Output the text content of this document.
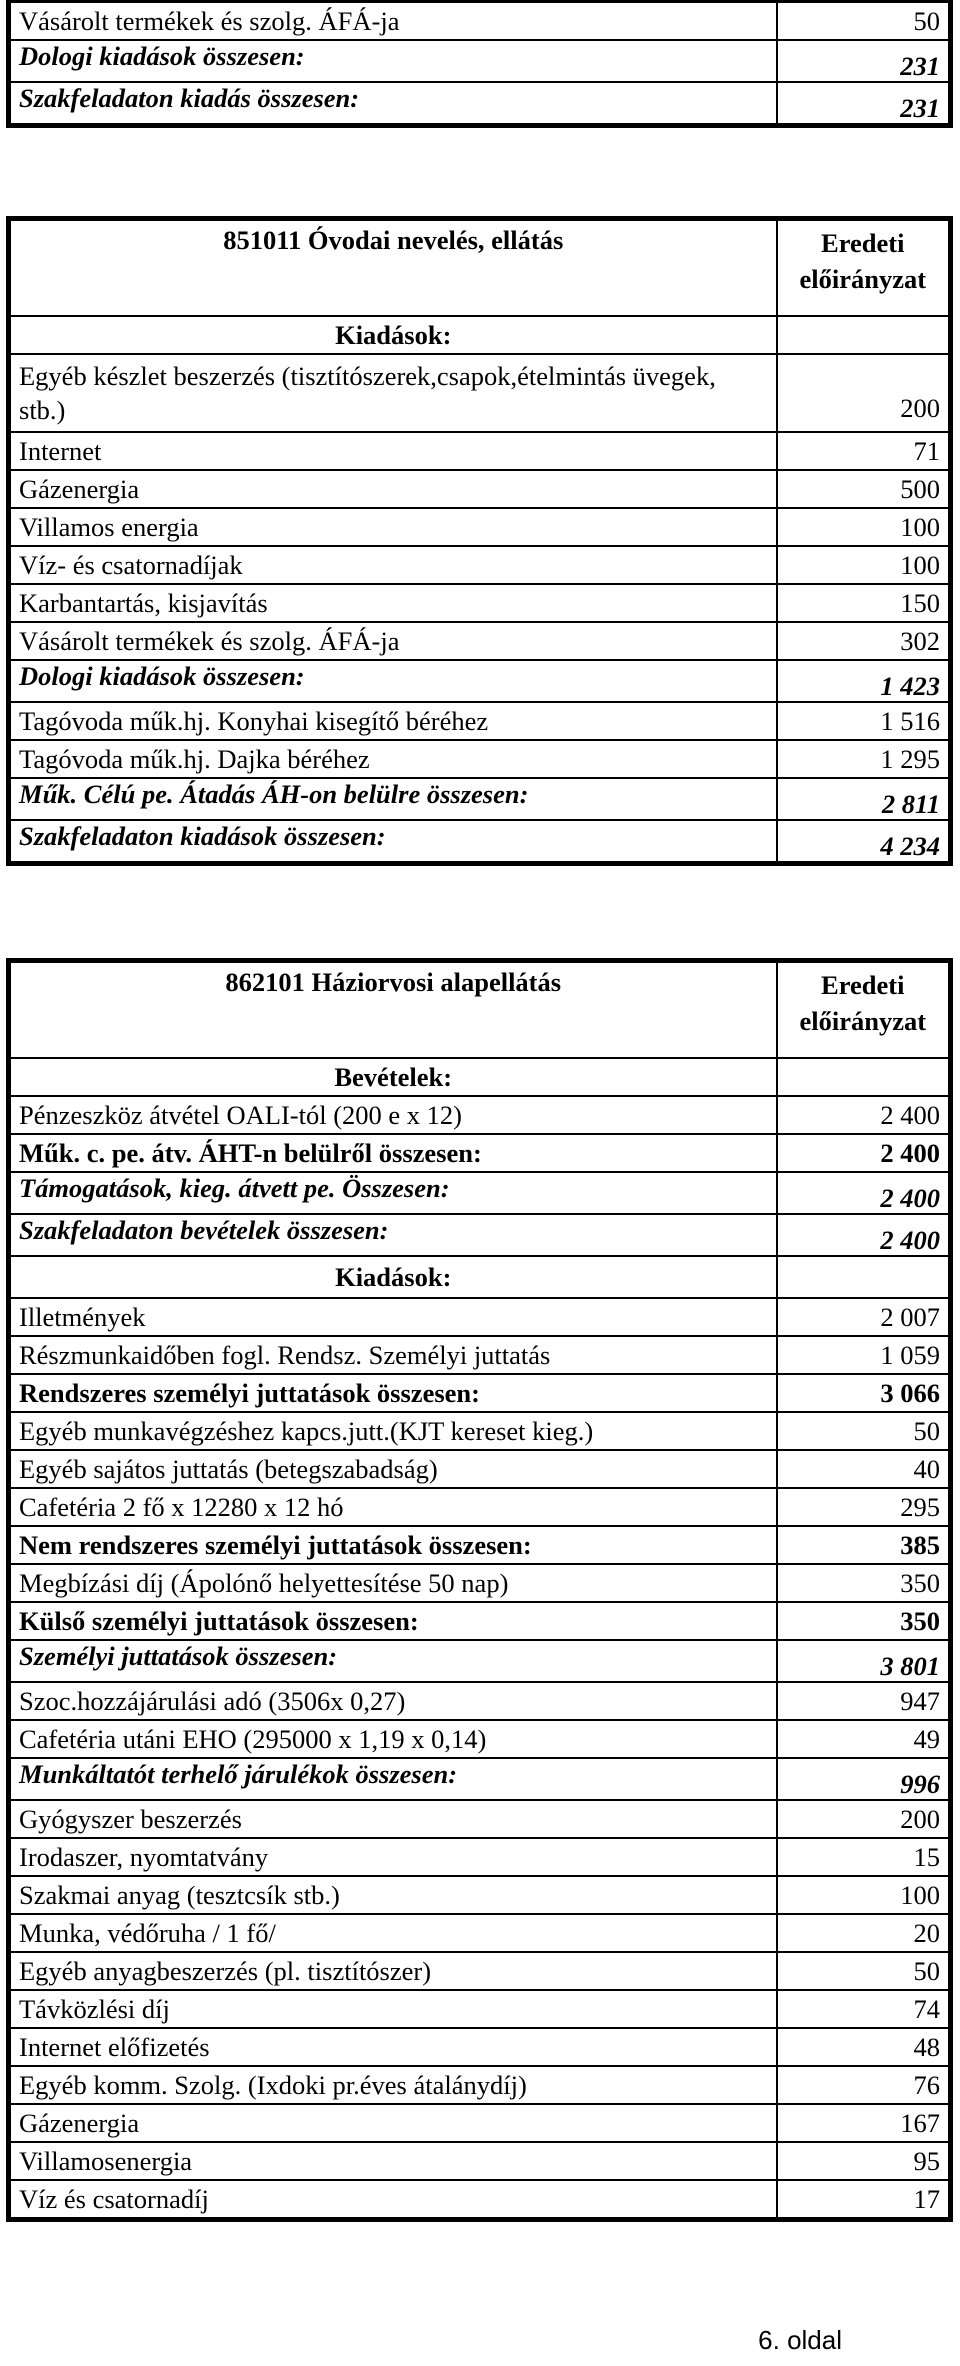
Vásárolt termékek és szolg. ÁFÁ-ja	50
Dologi kiadások összesen:	231
Szakfeladaton kiadás összesen:	231
851011 Óvodai nevelés, ellátás	Eredeti előirányzat
Kiadások:	
Egyéb készlet beszerzés (tisztítószerek,csapok,ételmintás üvegek, stb.)	200
Internet	71
Gázenergia	500
Villamos energia	100
Víz- és csatornadíjak	100
Karbantartás, kisjavítás	150
Vásárolt termékek és szolg. ÁFÁ-ja	302
Dologi kiadások összesen:	1 423
Tagóvoda műk.hj. Konyhai kisegítő béréhez	1 516
Tagóvoda műk.hj. Dajka béréhez	1 295
Műk. Célú pe. Átadás ÁH-on belülre összesen:	2 811
Szakfeladaton kiadások összesen:	4 234
862101 Háziorvosi alapellátás	Eredeti előirányzat
Bevételek:	
Pénzeszköz átvétel OALI-tól (200 e x 12)	2 400
Műk. c. pe. átv. ÁHT-n belülről összesen:	2 400
Támogatások, kieg. átvett pe. Összesen:	2 400
Szakfeladaton bevételek összesen:	2 400
Kiadások:	
Illetmények	2 007
Részmunkaidőben fogl. Rendsz. Személyi juttatás	1 059
Rendszeres személyi juttatások összesen:	3 066
Egyéb munkavégzéshez kapcs.jutt.(KJT kereset kieg.)	50
Egyéb sajátos juttatás (betegszabadság)	40
Cafetéria 2 fő x 12280 x 12 hó	295
Nem rendszeres személyi juttatások összesen:	385
Megbízási díj (Ápolónő helyettesítése 50 nap)	350
Külső személyi juttatások összesen:	350
Személyi juttatások összesen:	3 801
Szoc.hozzájárulási adó (3506x 0,27)	947
Cafetéria utáni EHO (295000 x 1,19 x 0,14)	49
Munkáltatót terhelő járulékok összesen:	996
Gyógyszer beszerzés	200
Irodaszer, nyomtatvány	15
Szakmai anyag (tesztcsík stb.)	100
Munka, védőruha / 1 fő/	20
Egyéb anyagbeszerzés (pl. tisztítószer)	50
Távközlési díj	74
Internet előfizetés	48
Egyéb komm. Szolg. (Ixdoki pr.éves átalánydíj)	76
Gázenergia	167
Villamosenergia	95
Víz és csatornadíj	17
6. oldal
